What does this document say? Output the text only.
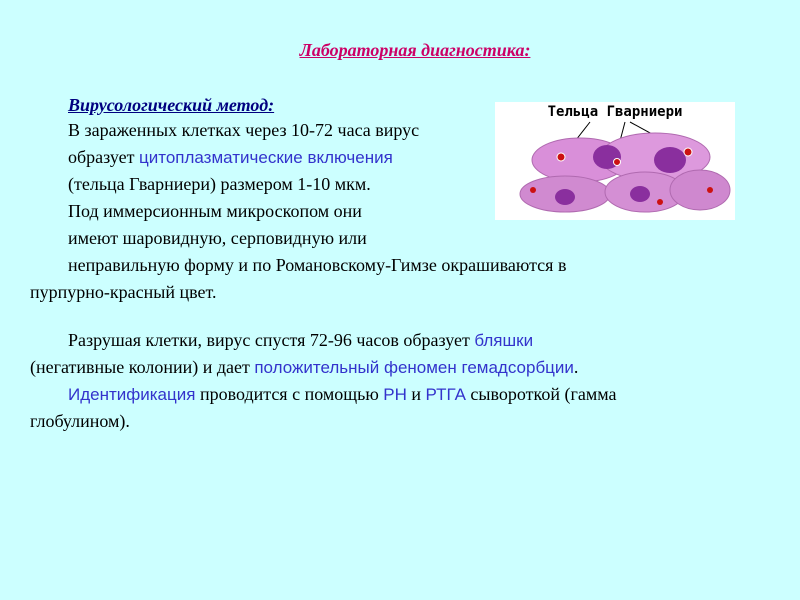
Лабораторная диагностика:
Вирусологический метод:
В зараженных клетках через 10-72 часа вирус
образует цитоплазматические включения
(тельца Гварниери) размером 1-10 мкм.
Под иммерсионным микроскопом они
имеют шаровидную, серповидную или
неправильную форму и по Романовскому-Гимзе окрашиваются в
пурпурно-красный цвет.
Разрушая клетки, вирус спустя 72-96 часов образует бляшки
(негативные колонии) и дает положительный феномен гемадсорбции.
Идентификация проводится с помощью РН и РТГА сывороткой (гамма
глобулином).
Тельца Гварниери
